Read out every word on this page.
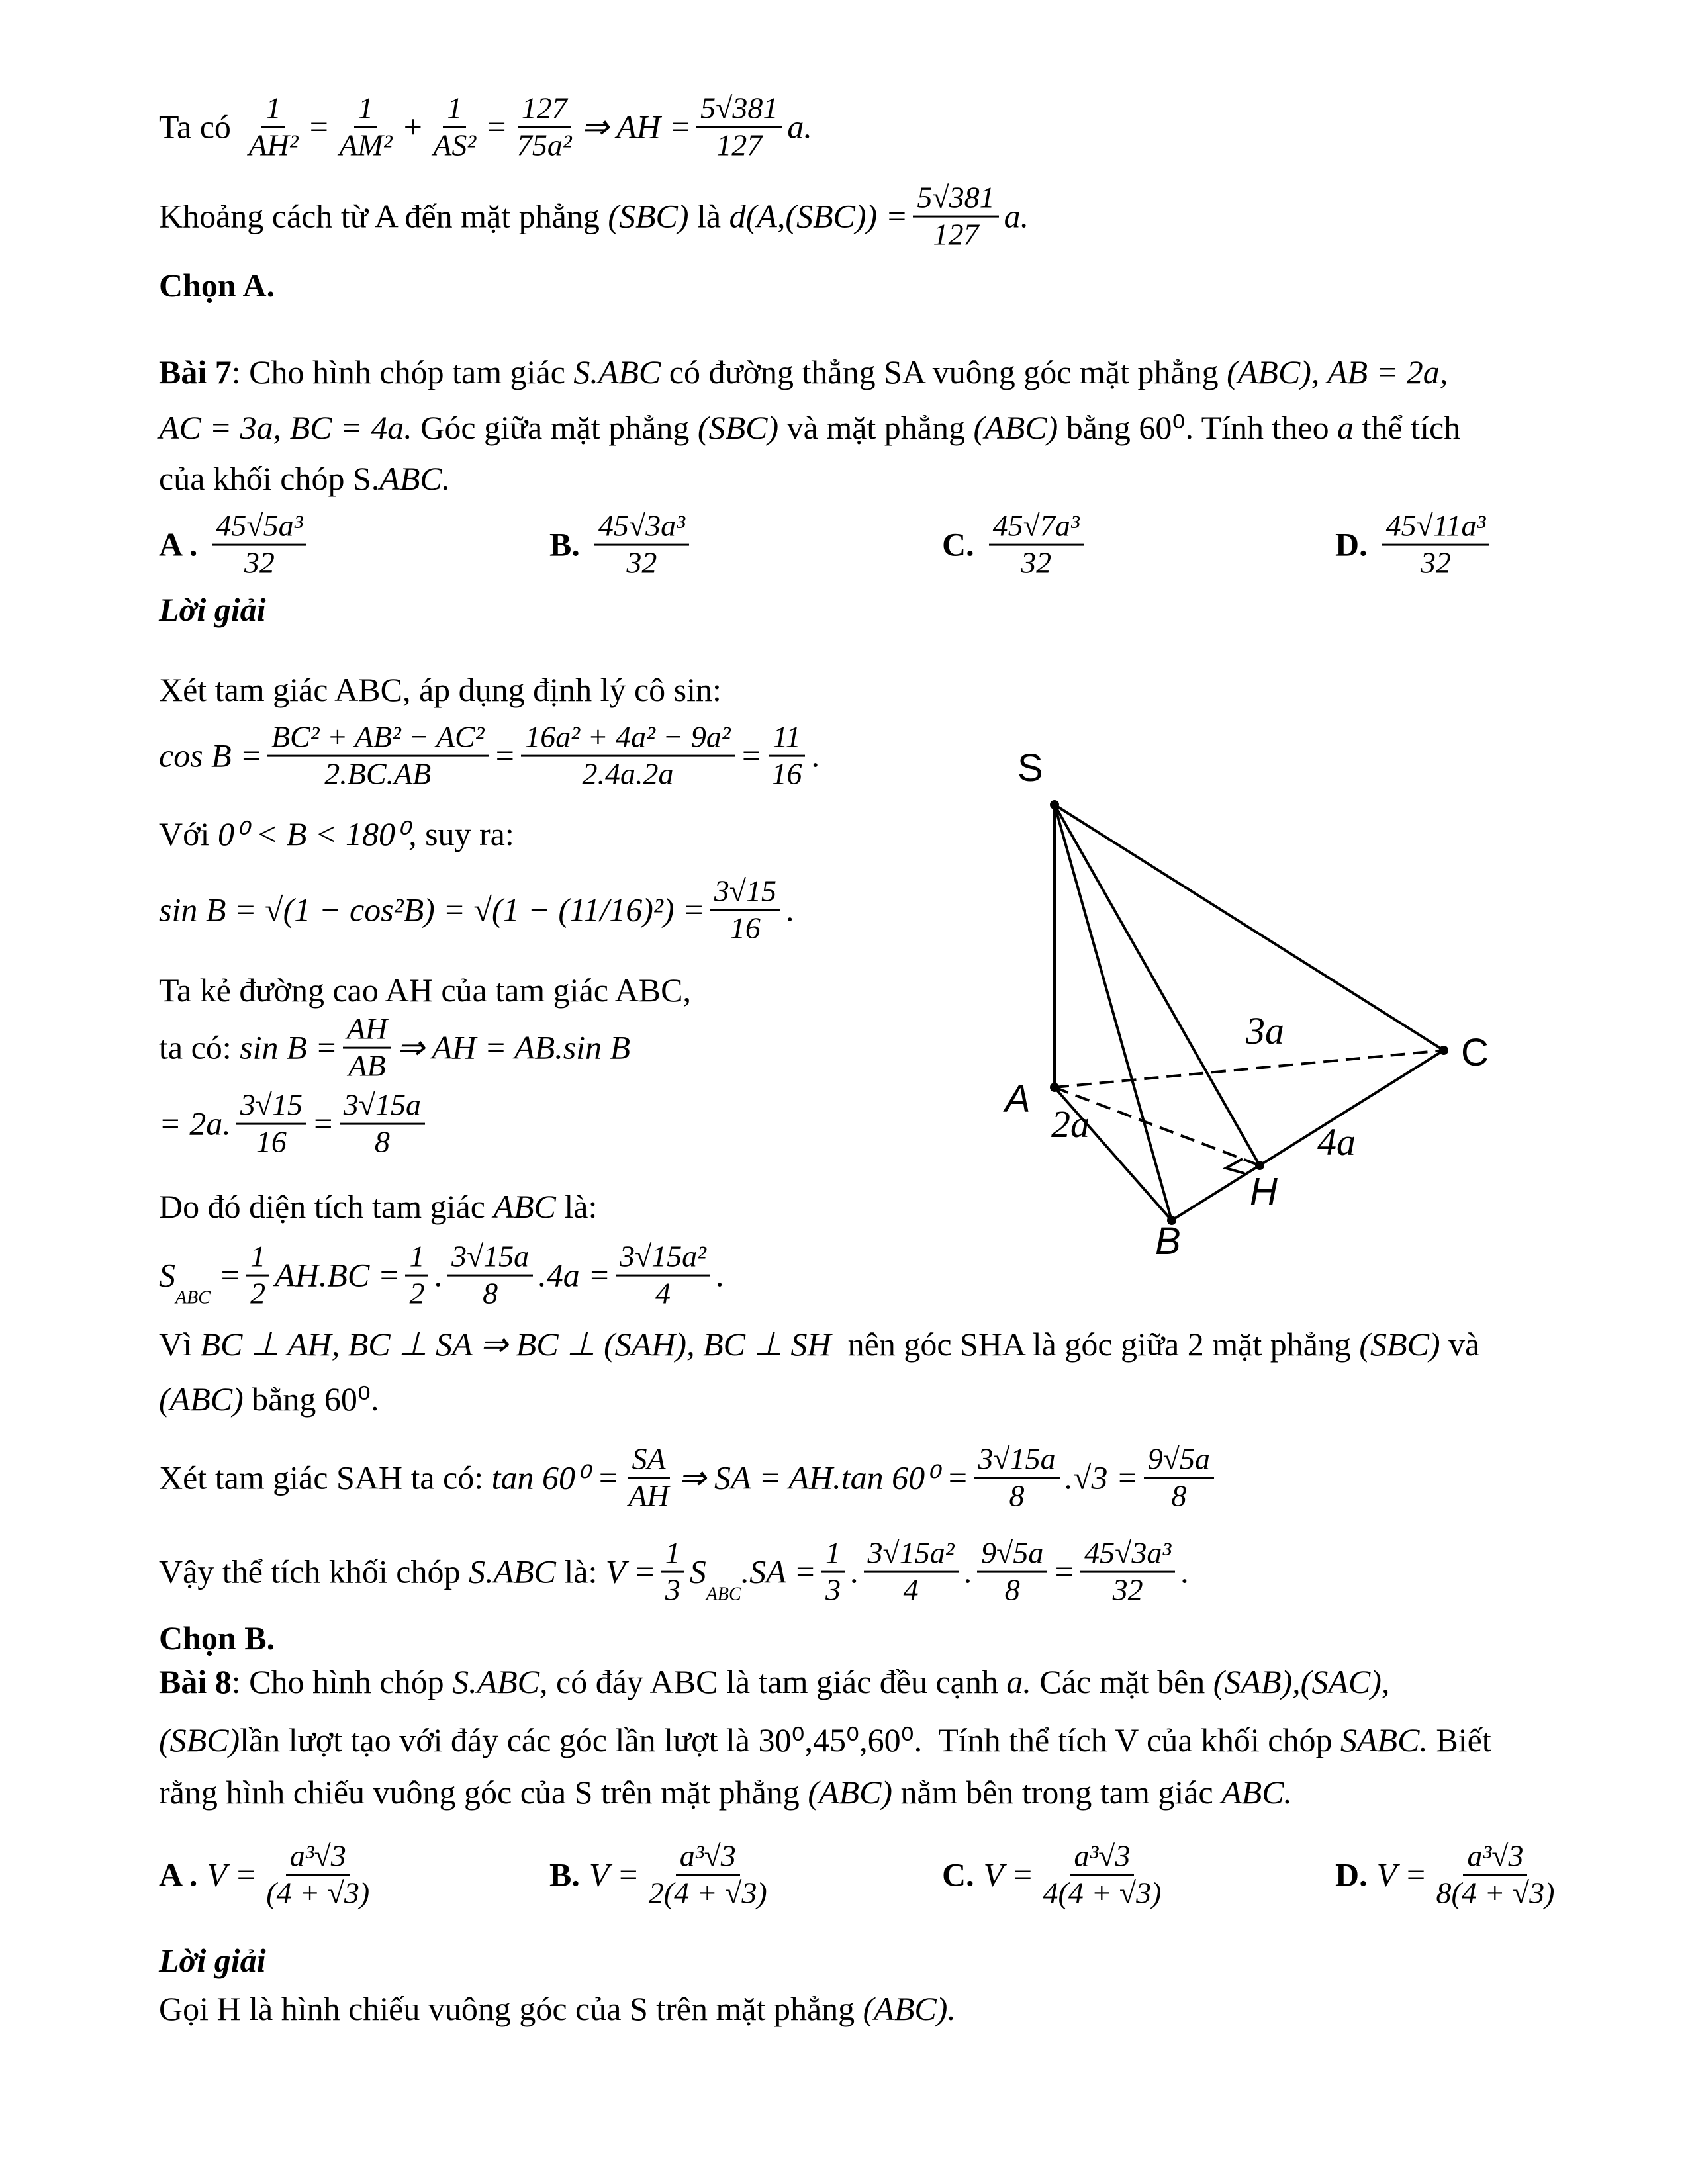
Ta có $\frac{1}{\text{AH²}} = \frac{1}{\text{AM²}} + \frac{1}{\text{AS²}} = \frac{127}{\text{75a²}}$ ⇒ AH = $\frac{5√381}{127} a$.
Khoảng cách từ A đến mặt phẳng (SBC) là $d(A,(SBC)) = \frac{5√381}{127} a$.
Chọn A.
Bài 7 : Cho hình chóp tam giác S.ABC có đường thẳng SA vuông góc mặt phẳng (ABC), AB = 2a,
AC = 3a, BC = 4a. Góc giữa mặt phẳng (SBC) và mặt phẳng (ABC) bằng 60⁰. Tính theo a thể tích
của khối chóp S. ABC.
A . $\frac{\text{45√5a³}}{32}$	B. $\frac{\text{45√3a³}}{32}$	C. $\frac{\text{45√7a³}}{32}$	D. $\frac{\text{45√11a³}}{32}$
Lời giải
Xét tam giác ABC, áp dụng định lý cô sin:
$\cos B = \frac{\text{BC² + AB² − AC²}}{2.BC.AB} = \frac{\text{16a² + 4a² − 9a²}}{2.4a.2a} = \frac{11}{16}$ .
Với 0⁰ < B < 180⁰, suy ra:
$\sin B = √(1 - \cos^2B) = √(1 - (11/16)^2) = \frac{3√15}{16}$ .
Ta kẻ đường cao AH của tam giác ABC,
ta có: $\sin B = \frac{AH}{AB}$ ⇒ AH = AB.sin B
= 2a. $\frac{3√15}{16} = \frac{3√15a}{8}$
Do đó diện tích tam giác ABC là:
S
ABC
= $\frac{1}{2} AH.BC = \frac{1}{2}$ . $\frac{3√15a}{8} .4a = \frac{\text{3√15a²}}{4}$ .
Vì BC ⊥ AH, BC ⊥ SA ⇒ BC ⊥ (SAH), BC ⊥ SH nên góc SHA là góc giữa 2 mặt phẳng (SBC) và
(ABC) bằng 60⁰.
Xét tam giác SAH ta có: $\tan 60^0 = \frac{SA}{AH}$ ⇒ SA = AH.tan $60^0 = \frac{3√15a}{8} .√3 = \frac{9√5a}{8}$
Vậy thể tích khối chóp S.ABC là: $V = \frac{1}{3}$ S
ABC
$.SA = \frac{1}{3}$ . $\frac{\text{3√15a²}}{4}$ . $\frac{9√5a}{8} = \frac{\text{45√3a³}}{32}$ .
Chọn B.
Bài 8 : Cho hình chóp S.ABC, có đáy ABC là tam giác đều cạnh a. Các mặt bên (SAB),(SAC),
(SBC) lần lượt tạo với đáy các góc lần lượt là 30⁰,45⁰,60⁰.  Tính thể tích V của khối chóp SABC. Biết
rằng hình chiếu vuông góc của S trên mặt phẳng (ABC) nằm bên trong tam giác ABC.
A . $V = \frac{\text{a³√3}}{(4 + √3)}$	B. $V = \frac{\text{a³√3}}{2(4 + √3)}$	C. $V = \frac{\text{a³√3}}{4(4 + √3)}$	D. $V = \frac{\text{a³√3}}{8(4 + √3)}$
Lời giải
Gọi H là hình chiếu vuông góc của S trên mặt phẳng (ABC).
S
A
B
C
H
2a
3a
4a
